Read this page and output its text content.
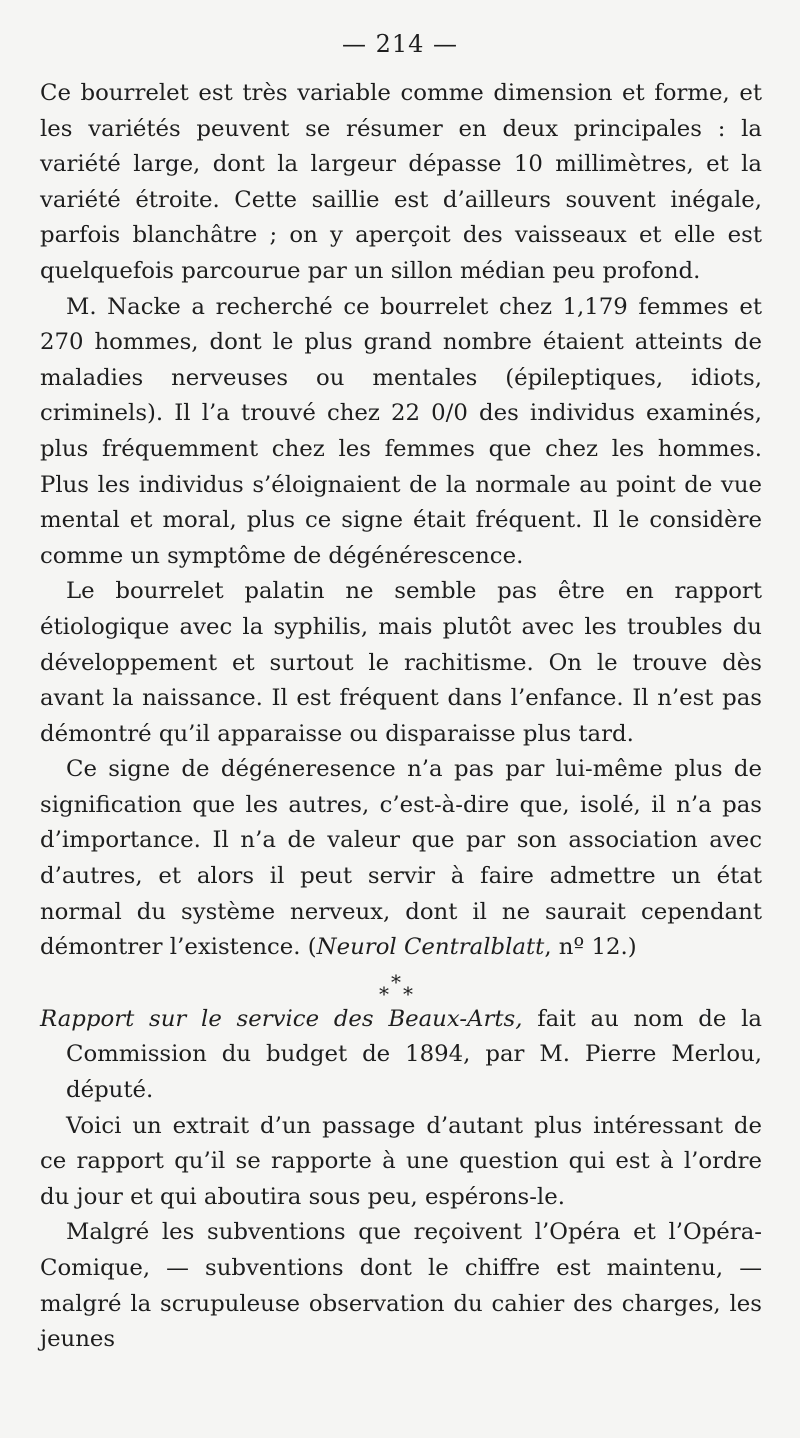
— 214 —

Ce bourrelet est très variable comme dimension et forme, et les variétés peuvent se résumer en deux principales : la variété large, dont la largeur dépasse 10 millimètres, et la variété étroite. Cette saillie est d’ailleurs souvent inégale, parfois blanchâtre ; on y aperçoit des vaisseaux et elle est quelquefois parcourue par un sillon médian peu profond.

M. Nacke a recherché ce bourrelet chez 1,179 femmes et 270 hommes, dont le plus grand nombre étaient atteints de maladies nerveuses ou mentales (épileptiques, idiots, criminels). Il l’a trouvé chez 22 0/0 des individus examinés, plus fréquemment chez les femmes que chez les hommes. Plus les individus s’éloignaient de la normale au point de vue mental et moral, plus ce signe était fréquent. Il le considère comme un symptôme de dégénérescence.

Le bourrelet palatin ne semble pas être en rapport étiologique avec la syphilis, mais plutôt avec les troubles du développement et surtout le rachitisme. On le trouve dès avant la naissance. Il est fréquent dans l’enfance. Il n’est pas démontré qu’il apparaisse ou disparaisse plus tard.

Ce signe de dégéneresence n’a pas par lui-même plus de signification que les autres, c’est-à-dire que, isolé, il n’a pas d’importance. Il n’a de valeur que par son association avec d’autres, et alors il peut servir à faire admettre un état normal du système nerveux, dont il ne saurait cependant démontrer l’existence. (Neurol Centralblatt, nº 12.)

*
* *

Rapport sur le service des Beaux-Arts, fait au nom de la Commission du budget de 1894, par M. Pierre Merlou, député.

Voici un extrait d’un passage d’autant plus intéressant de ce rapport qu’il se rapporte à une question qui est à l’ordre du jour et qui aboutira sous peu, espérons-le.

Malgré les subventions que reçoivent l’Opéra et l’Opéra-Comique, — subventions dont le chiffre est maintenu, — malgré la scrupuleuse observation du cahier des charges, les jeunes
